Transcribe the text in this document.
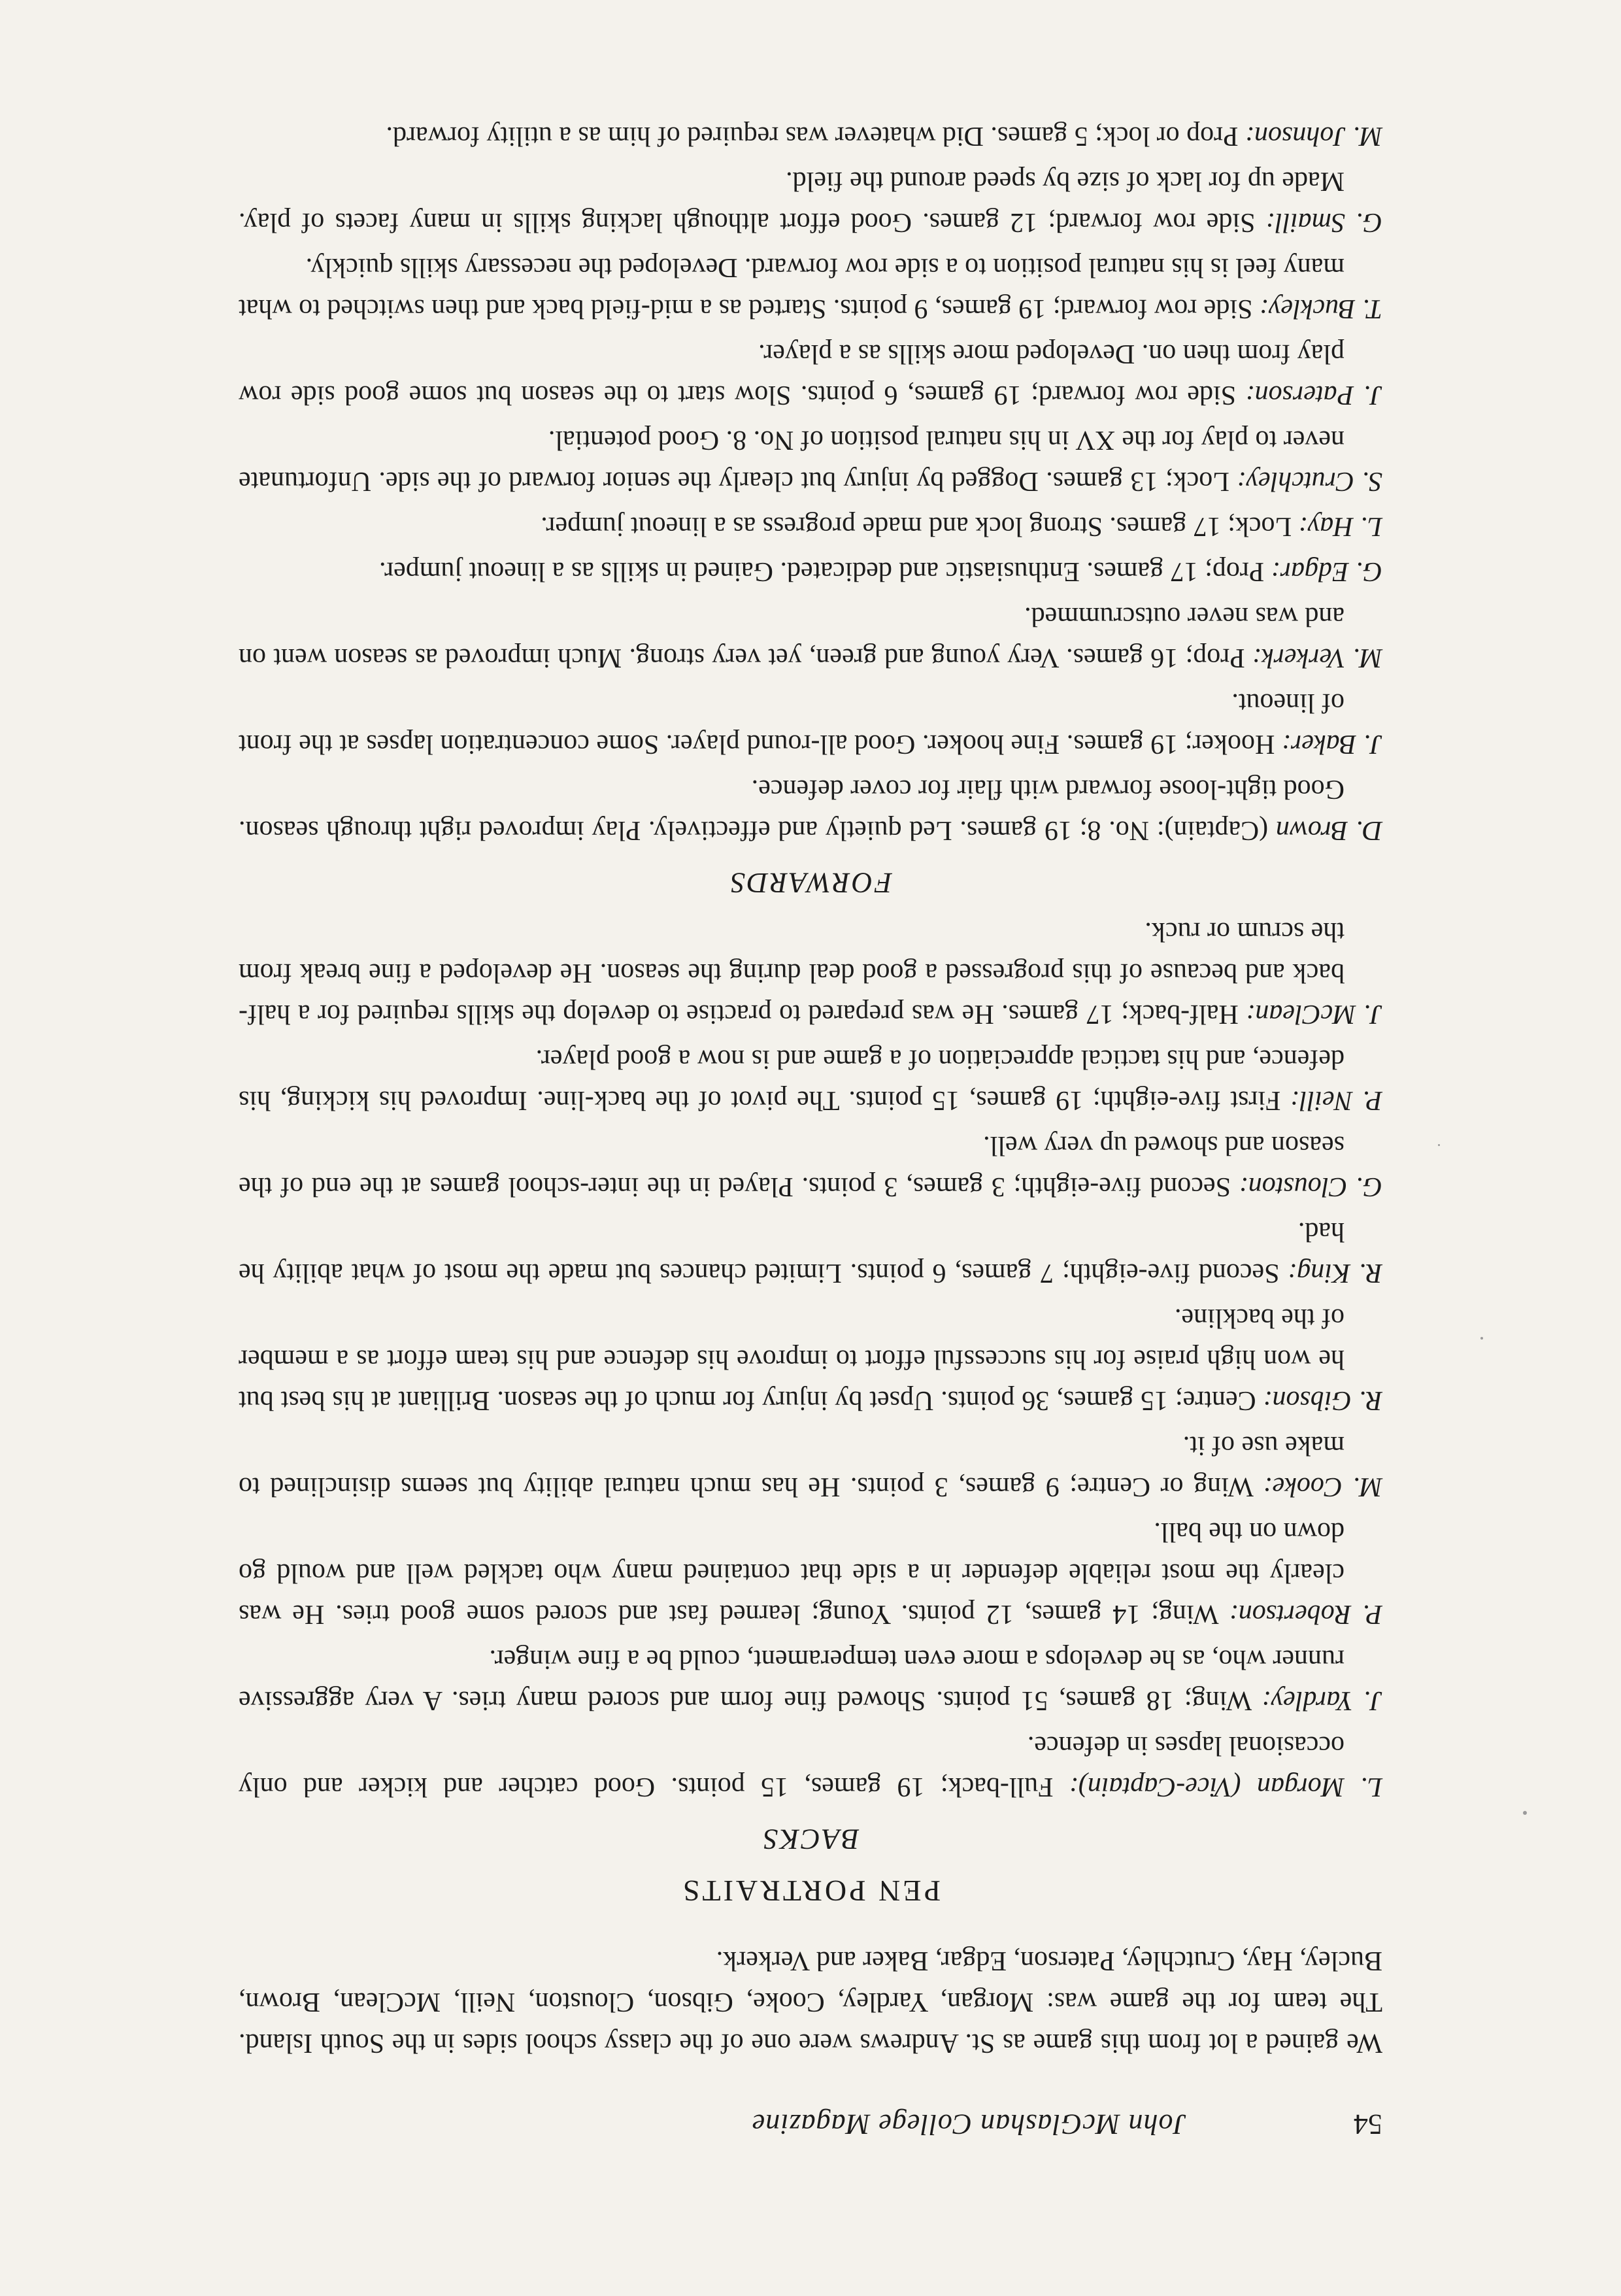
54
John McGlashan College Magazine

We gained a lot from this game as St. Andrews were one of the classy school sides in the South Island. The team for the game was: Morgan, Yardley, Cooke, Gibson, Clouston, Neill, McClean, Brown, Bucley, Hay, Crutchley, Paterson, Edgar, Baker and Verkerk.

PEN PORTRAITS
BACKS

L. Morgan (Vice-Captain): Full-back; 19 games, 15 points. Good catcher and kicker and only occasional lapses in defence.

J. Yardley: Wing; 18 games, 51 points. Showed fine form and scored many tries. A very aggressive runner who, as he develops a more even temperament, could be a fine winger.

P. Robertson: Wing; 14 games, 12 points. Young; learned fast and scored some good tries. He was clearly the most reliable defender in a side that contained many who tackled well and would go down on the ball.

M. Cooke: Wing or Centre; 9 games, 3 points. He has much natural ability but seems disinclined to make use of it.

R. Gibson: Centre; 15 games, 36 points. Upset by injury for much of the season. Brilliant at his best but he won high praise for his successful effort to improve his defence and his team effort as a member of the backline.

R. King: Second five-eighth; 7 games, 6 points. Limited chances but made the most of what ability he had.

G. Clouston: Second five-eighth; 3 games, 3 points. Played in the inter-school games at the end of the season and showed up very well.

P. Neill: First five-eighth; 19 games, 15 points. The pivot of the back-line. Improved his kicking, his defence, and his tactical appreciation of a game and is now a good player.

J. McClean: Half-back; 17 games. He was prepared to practise to develop the skills required for a half-back and because of this progressed a good deal during the season. He developed a fine break from the scrum or ruck.

FORWARDS

D. Brown (Captain): No. 8; 19 games. Led quietly and effectively. Play improved right through season. Good tight-loose forward with flair for cover defence.

J. Baker: Hooker; 19 games. Fine hooker. Good all-round player. Some concentration lapses at the front of lineout.

M. Verkerk: Prop; 16 games. Very young and green, yet very strong. Much improved as season went on and was never outscrummed.

G. Edgar: Prop; 17 games. Enthusiastic and dedicated. Gained in skills as a lineout jumper.

L. Hay: Lock; 17 games. Strong lock and made progress as a lineout jumper.

S. Crutchley: Lock; 13 games. Dogged by injury but clearly the senior forward of the side. Unfortunate never to play for the XV in his natural position of No. 8. Good potential.

J. Paterson: Side row forward; 19 games, 6 points. Slow start to the season but some good side row play from then on. Developed more skills as a player.

T. Buckley: Side row forward; 19 games, 9 points. Started as a mid-field back and then switched to what many feel is his natural position to a side row forward. Developed the necessary skills quickly.

G. Smaill: Side row forward; 12 games. Good effort although lacking skills in many facets of play. Made up for lack of size by speed around the field.

M. Johnson: Prop or lock; 5 games. Did whatever was required of him as a utility forward.
